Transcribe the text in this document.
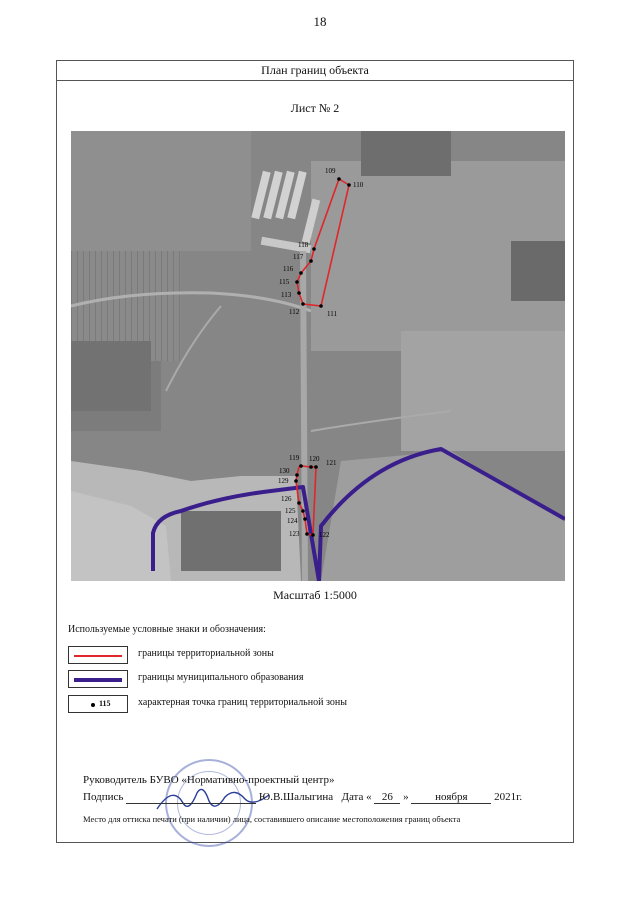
18
План границ объекта
Лист № 2
109
110
111
112
113
115
116
117
118
119 120 121
122
123
124
125
126
129
130
Масштаб 1:5000
Используемые условные знаки и обозначения:
границы территориальной зоны
границы муниципального образования
115	характерная точка границ территориальной зоны
Руководитель БУВО «Нормативно-проектный центр»
Подпись	Ю.В.Шалыгина Дата « 26 » ноября 2021г.
Место для оттиска печати (при наличии) лица, составившего описание местоположения границ объекта
